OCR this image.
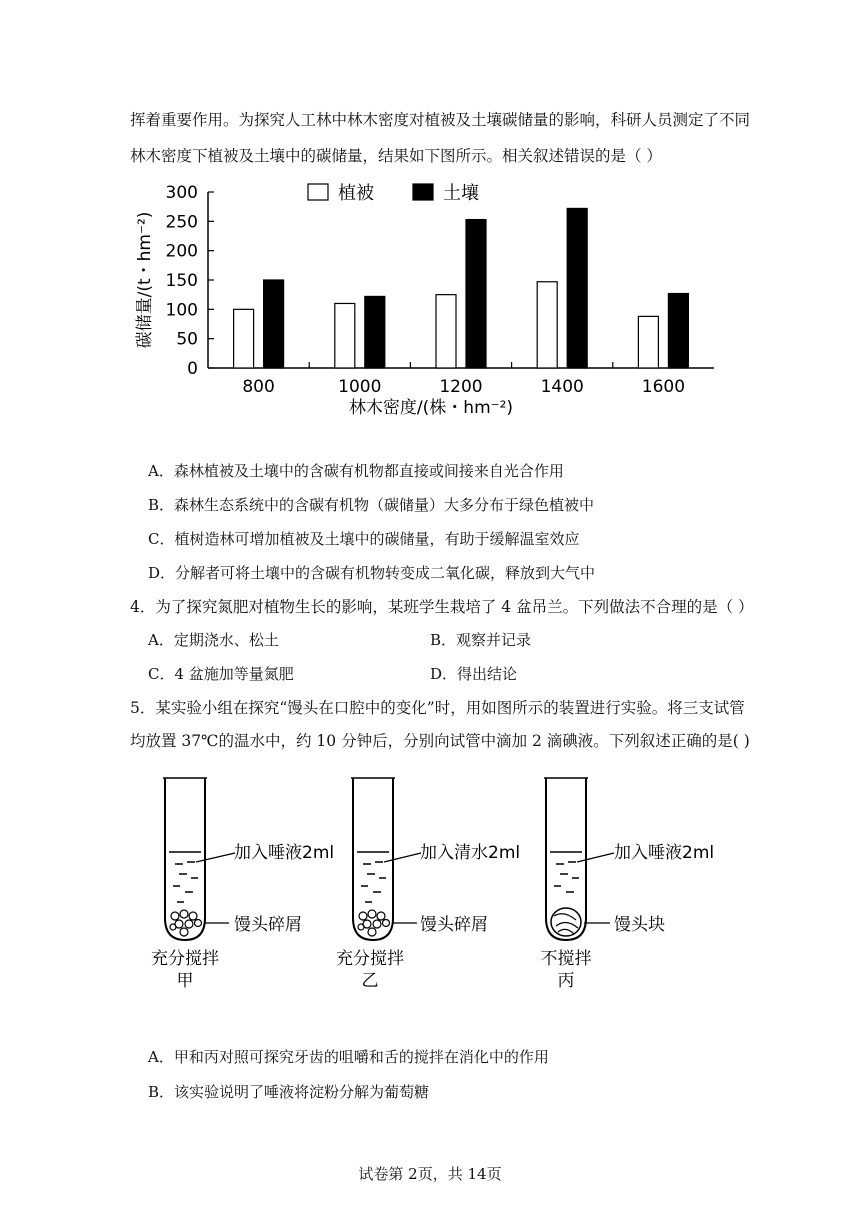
挥着重要作用。为探究人工林中林木密度对植被及土壤碳储量的影响，科研人员测定了不同
林木密度下植被及土壤中的碳储量，结果如下图所示。相关叙述错误的是（ ）
0
50
100
150
200
250
300
800	1000	1200	1400	1600
林木密度/(株・hm⁻²)
碳储量/(t・hm⁻²)
植被	土壤
A．森林植被及土壤中的含碳有机物都直接或间接来自光合作用
B．森林生态系统中的含碳有机物（碳储量）大多分布于绿色植被中
C．植树造林可增加植被及土壤中的碳储量，有助于缓解温室效应
D．分解者可将土壤中的含碳有机物转变成二氧化碳，释放到大气中
4．为了探究氮肥对植物生长的影响，某班学生栽培了 4 盆吊兰。下列做法不合理的是（ ）
A．定期浇水、松土	B．观察并记录
C．4 盆施加等量氮肥	D．得出结论
5．某实验小组在探究“馒头在口腔中的变化”时，用如图所示的装置进行实验。将三支试管
均放置 37℃的温水中，约 10 分钟后，分别向试管中滴加 2 滴碘液。下列叙述正确的是( )
加入唾液2ml
馒头碎屑
充分搅拌
甲
加入清水2ml
馒头碎屑
充分搅拌
乙
加入唾液2ml
馒头块
不搅拌
丙
A．甲和丙对照可探究牙齿的咀嚼和舌的搅拌在消化中的作用
B．该实验说明了唾液将淀粉分解为葡萄糖
试卷第 2页，共 14页
